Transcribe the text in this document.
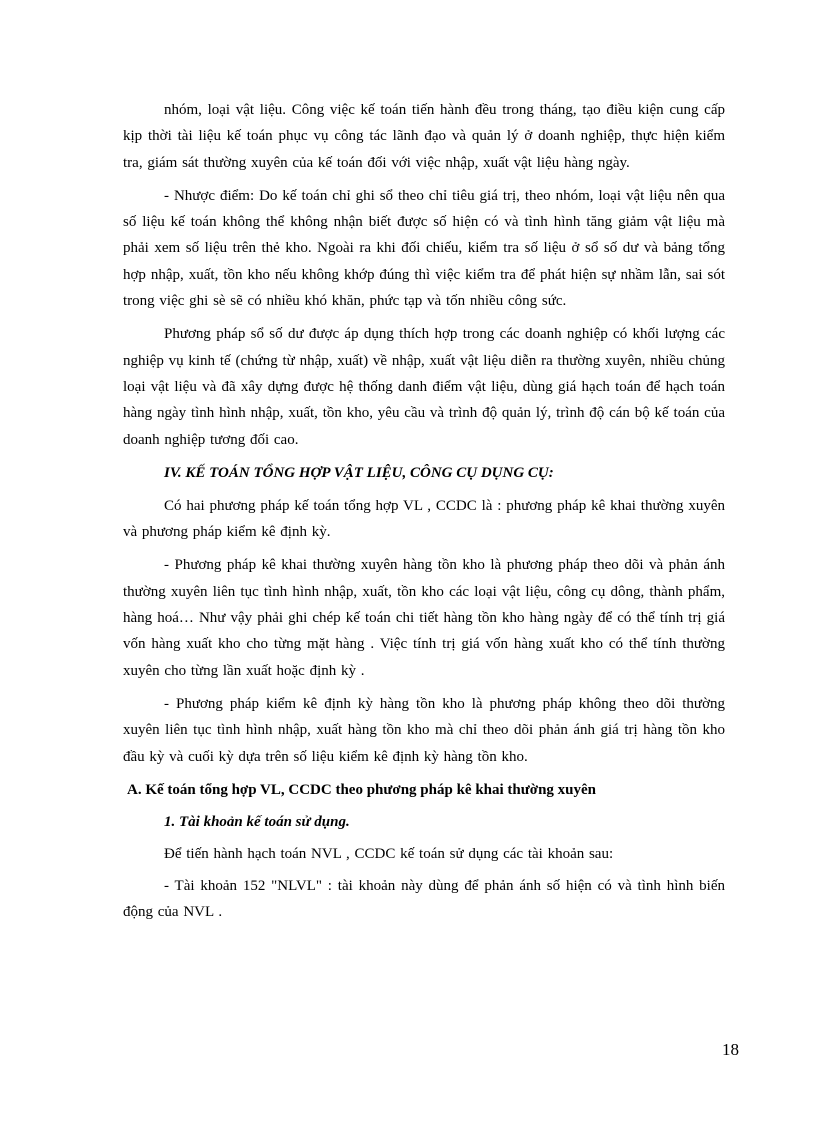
nhóm, loại vật liệu. Công việc kế toán tiến hành đều trong tháng, tạo điều kiện cung cấp kịp thời tài liệu kế toán phục vụ công tác lãnh đạo và quản lý ở doanh nghiệp, thực hiện kiểm tra, giám sát thường xuyên của kế toán đối với việc nhập, xuất vật liệu hàng ngày.

- Nhược điểm: Do kế toán chỉ ghi sổ theo chỉ tiêu giá trị, theo nhóm, loại vật liệu nên qua số liệu kế toán không thể không nhận biết được số hiện có và tình hình tăng giảm vật liệu mà phải xem số liệu trên thẻ kho. Ngoài ra khi đối chiếu, kiểm tra số liệu ở sổ số dư và bảng tổng hợp nhập, xuất, tồn kho nếu không khớp đúng thì việc kiểm tra để phát hiện sự nhầm lẫn, sai sót trong việc ghi sè sẽ có nhiều khó khăn, phức tạp và tốn nhiều công sức.

Phương pháp sổ số dư được áp dụng thích hợp trong các doanh nghiệp có khối lượng các nghiệp vụ kinh tế (chứng từ nhập, xuất) về nhập, xuất vật liệu diễn ra thường xuyên, nhiều chủng loại vật liệu và đã xây dựng được hệ thống danh điểm vật liệu, dùng giá hạch toán để hạch toán hàng ngày tình hình nhập, xuất, tồn kho, yêu cầu và trình độ quản lý, trình độ cán bộ kế toán của doanh nghiệp tương đối cao.

IV. KẾ TOÁN TỔNG HỢP VẬT LIỆU, CÔNG CỤ DỤNG CỤ:

Có hai phương pháp kế toán tổng hợp VL , CCDC là : phương pháp kê khai thường xuyên và phương pháp kiểm kê định kỳ.

- Phương pháp kê khai thường xuyên hàng tồn kho là phương pháp theo dõi và phản ánh thường xuyên liên tục tình hình nhập, xuất, tồn kho các loại vật liệu, công cụ dông, thành phẩm, hàng hoá… Như vậy phải ghi chép kế toán chi tiết hàng tồn kho hàng ngày để có thể tính trị giá vốn hàng xuất kho cho từng mặt hàng . Việc tính trị giá vốn hàng xuất kho có thể tính thường xuyên cho từng lần xuất hoặc định kỳ .

- Phương pháp kiểm kê định kỳ hàng tồn kho là phương pháp không theo dõi thường xuyên liên tục tình hình nhập, xuất hàng tồn kho mà chỉ theo dõi phản ánh giá trị hàng tồn kho đầu kỳ và cuối kỳ dựa trên số liệu kiểm kê định kỳ hàng tồn kho.

A. Kế toán tổng hợp VL, CCDC theo phương pháp kê khai thường xuyên

1. Tài khoản kế toán sử dụng.

Để tiến hành hạch toán NVL , CCDC kế toán sử dụng các tài khoản sau:

- Tài khoản 152 "NLVL" : tài khoản này dùng để phản ánh số hiện có và tình hình biến động của NVL .

18
